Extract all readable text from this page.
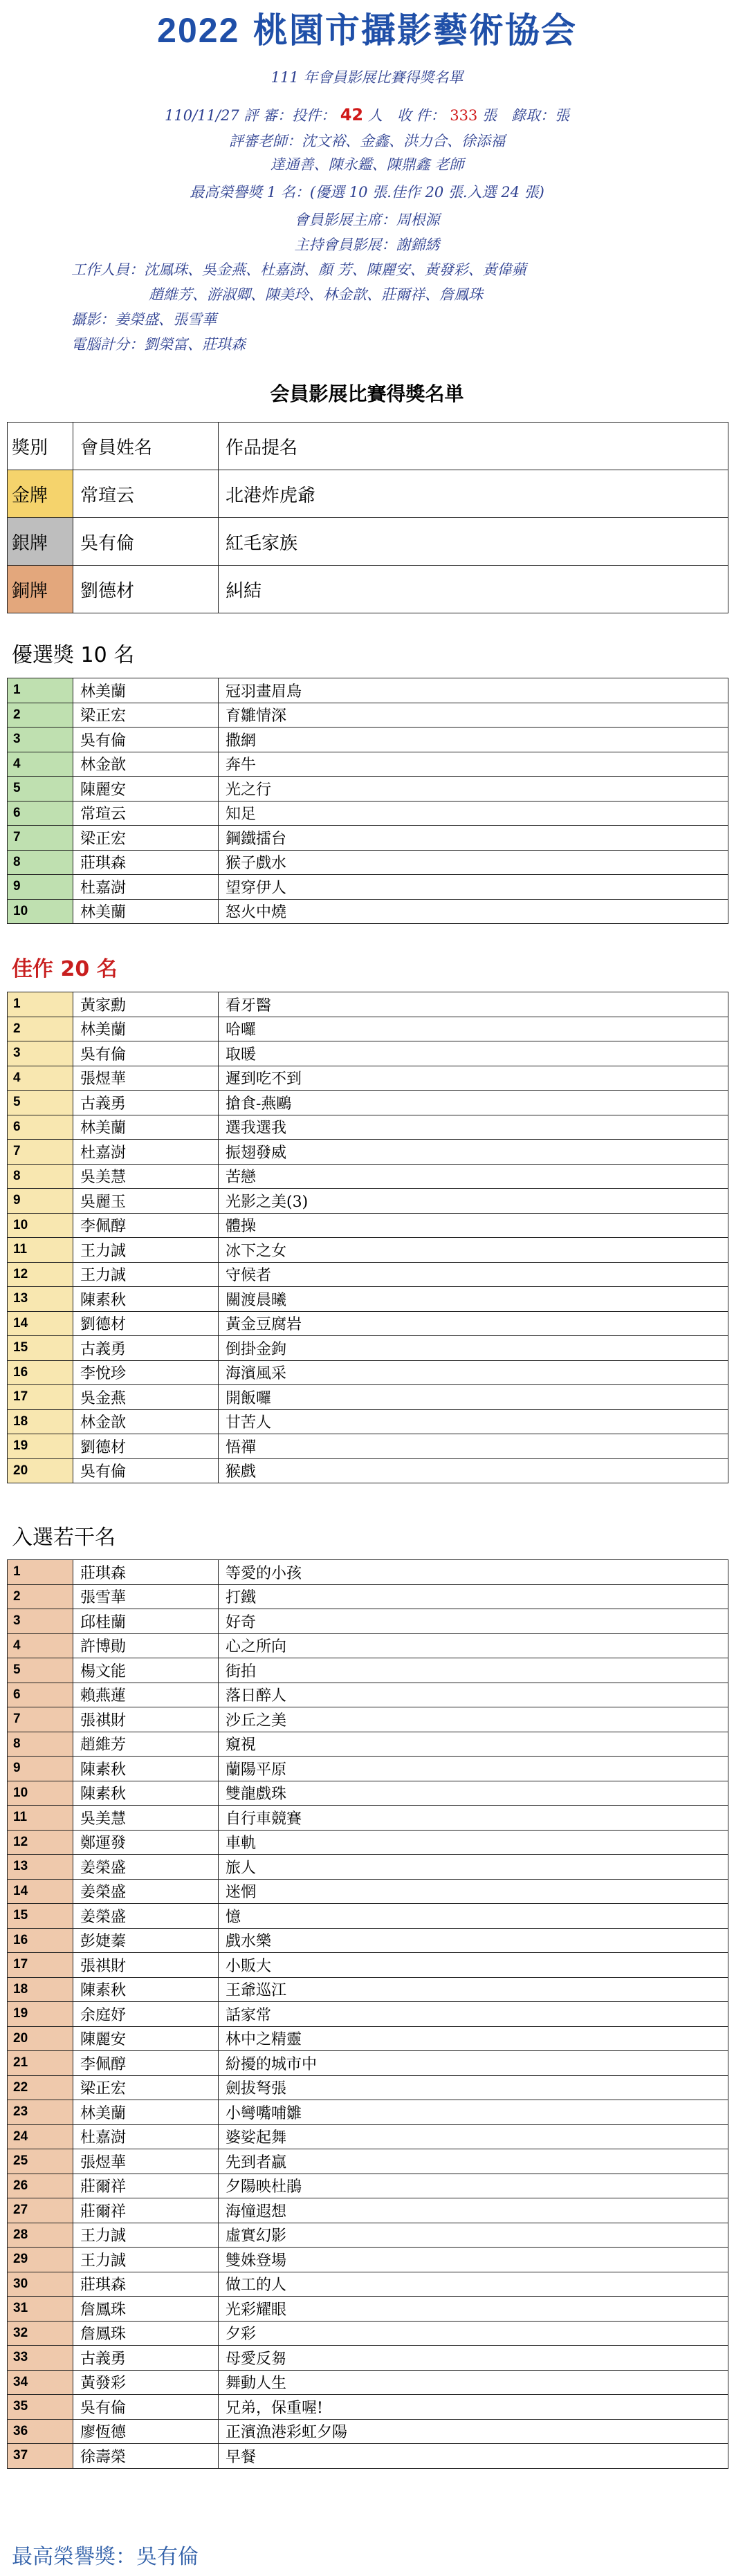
2022 桃園市攝影藝術協会
111 年會員影展比賽得獎名單
110/11/27 評 審：投件： 42 人　收 件： 333 張　錄取：張
評審老師：沈文裕、金鑫、洪力合、徐添福
達通善、陳永鑑、陳鼎鑫 老師
最高榮譽獎 1 名：(優選 10 張.佳作 20 張.入選 24 張)
會員影展主席：周根源
主持會員影展：謝錦綉
工作人員：沈鳳珠、吳金燕、杜嘉澍、顏 芳、陳麗安、黃發彩、黃偉蘋
趙維芳、游淑卿、陳美玲、林金歆、莊爾祥、詹鳳珠
攝影：姜榮盛、張雪華
電腦計分：劉榮富、莊琪森
会員影展比賽得獎名単
獎別	會員姓名	作品提名
金牌	常瑄云	北港炸虎爺
銀牌	吳有倫	紅毛家族
銅牌	劉德材	糾結
優選獎 10 名
1	林美蘭	冠羽畫眉鳥
2	梁正宏	育雛情深
3	吳有倫	撒網
4	林金歆	奔牛
5	陳麗安	光之行
6	常瑄云	知足
7	梁正宏	鋼鐵擂台
8	莊琪森	猴子戲水
9	杜嘉澍	望穿伊人
10	林美蘭	怒火中燒
佳作 20 名
1	黃家勳	看牙醫
2	林美蘭	哈囉
3	吳有倫	取暖
4	張煜華	遲到吃不到
5	古義勇	搶食-燕鷗
6	林美蘭	選我選我
7	杜嘉澍	振翅發威
8	吳美慧	苦戀
9	吳麗玉	光影之美(3)
10	李佩醇	體操
11	王力誠	冰下之女
12	王力誠	守候者
13	陳素秋	關渡晨曦
14	劉德材	黃金豆腐岩
15	古義勇	倒掛金鉤
16	李悅珍	海濱風采
17	吳金燕	開飯囉
18	林金歆	甘苦人
19	劉德材	悟禪
20	吳有倫	猴戲
入選若干名
1	莊琪森	等愛的小孩
2	張雪華	打鐵
3	邱桂蘭	好奇
4	許博勛	心之所向
5	楊文能	街拍
6	賴燕蓮	落日醉人
7	張祺財	沙丘之美
8	趙維芳	窺視
9	陳素秋	蘭陽平原
10	陳素秋	雙龍戲珠
11	吳美慧	自行車競賽
12	鄭運發	車軌
13	姜榮盛	旅人
14	姜榮盛	迷惘
15	姜榮盛	憶
16	彭婕蓁	戲水樂
17	張祺財	小販大
18	陳素秋	王爺巡江
19	余庭妤	話家常
20	陳麗安	林中之精靈
21	李佩醇	紛擾的城市中
22	梁正宏	劍拔弩張
23	林美蘭	小彎嘴哺雛
24	杜嘉澍	婆娑起舞
25	張煜華	先到者贏
26	莊爾祥	夕陽映杜鵑
27	莊爾祥	海憧遐想
28	王力誠	虛實幻影
29	王力誠	雙姝登場
30	莊琪森	做工的人
31	詹鳳珠	光彩耀眼
32	詹鳳珠	夕彩
33	古義勇	母愛反芻
34	黃發彩	舞動人生
35	吳有倫	兄弟，保重喔!
36	廖恆德	正濱漁港彩虹夕陽
37	徐壽榮	早餐
最高榮譽獎：吳有倫
